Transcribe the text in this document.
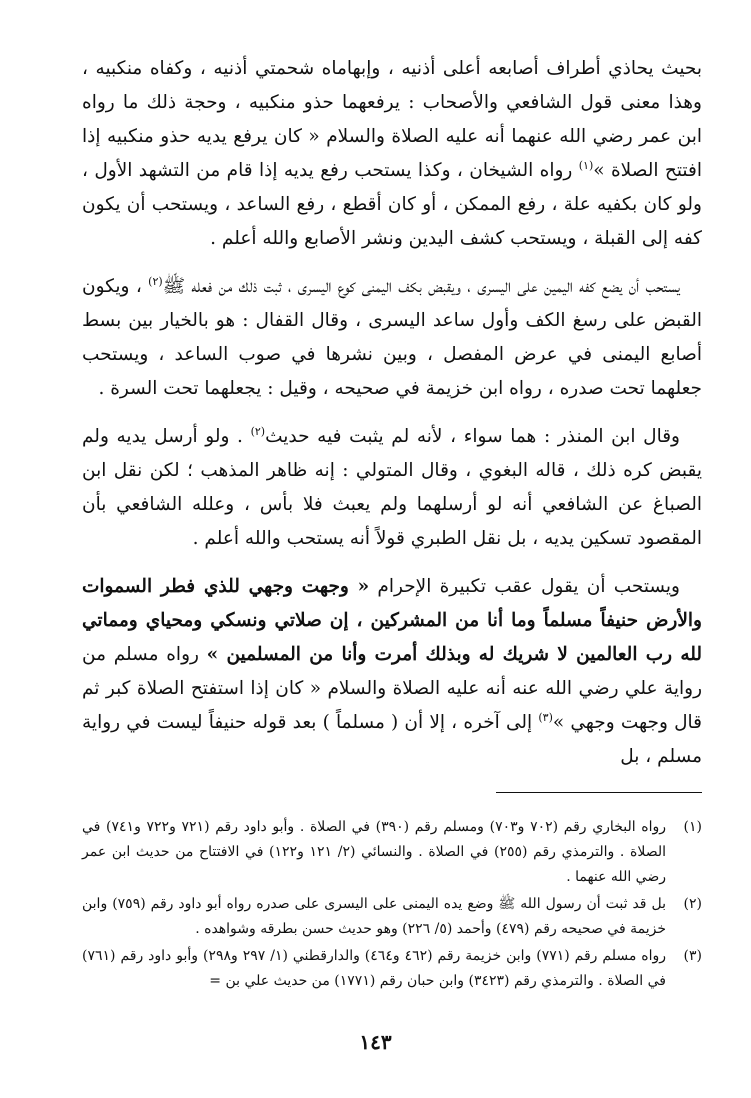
بحيث يحاذي أطراف أصابعه أعلى أذنيه ، وإبهاماه شحمتي أذنيه ، وكفاه منكبيه ، وهذا معنى قول الشافعي والأصحاب : يرفعهما حذو منكبيه ، وحجة ذلك ما رواه ابن عمر رضي الله عنهما أنه عليه الصلاة والسلام « كان يرفع يديه حذو منكبيه إذا افتتح الصلاة »$^{(١)}$ رواه الشيخان ، وكذا يستحب رفع يديه إذا قام من التشهد الأول ، ولو كان بكفيه علة ، رفع الممكن ، أو كان أقطع ، رفع الساعد ، ويستحب أن يكون كفه إلى القبلة ، ويستحب كشف اليدين ونشر الأصابع والله أعلم .

يستحب أن يضع كفه اليمين على اليسرى ، ويقبض بكف اليمنى كوع اليسرى ، ثبت ذلك من فعله ﷺ$^{(٢)}$ ، ويكون القبض على رسغ الكف وأول ساعد اليسرى ، وقال القفال : هو بالخيار بين بسط أصابع اليمنى في عرض المفصل ، وبين نشرها في صوب الساعد ، ويستحب جعلهما تحت صدره ، رواه ابن خزيمة في صحيحه ، وقيل : يجعلهما تحت السرة .

وقال ابن المنذر : هما سواء ، لأنه لم يثبت فيه حديث$^{(٢)}$ . ولو أرسل يديه ولم يقبض كره ذلك ، قاله البغوي ، وقال المتولي : إنه ظاهر المذهب ؛ لكن نقل ابن الصباغ عن الشافعي أنه لو أرسلهما ولم يعبث فلا بأس ، وعلله الشافعي بأن المقصود تسكين يديه ، بل نقل الطبري قولاً أنه يستحب والله أعلم .

ويستحب أن يقول عقب تكبيرة الإحرام « وجهت وجهي للذي فطر السموات والأرض حنيفاً مسلماً وما أنا من المشركين ، إن صلاتي ونسكي ومحياي ومماتي لله رب العالمين لا شريك له وبذلك أمرت وأنا من المسلمين » رواه مسلم من رواية علي رضي الله عنه أنه عليه الصلاة والسلام « كان إذا استفتح الصلاة كبر ثم قال وجهت وجهي »$^{(٣)}$ إلى آخره ، إلا أن ( مسلماً ) بعد قوله حنيفاً ليست في رواية مسلم ، بل

(١)
رواه البخاري رقم (٧٠٢ و٧٠٣) ومسلم رقم (٣٩٠) في الصلاة . وأبو داود رقم (٧٢١ و٧٢٢ و٧٤١) في الصلاة . والترمذي رقم (٢٥٥) في الصلاة . والنسائي (٢/ ١٢١ و١٢٢) في الافتتاح من حديث ابن عمر رضي الله عنهما .
(٢)
بل قد ثبت أن رسول الله ﷺ وضع يده اليمنى على اليسرى على صدره رواه أبو داود رقم (٧٥٩) وابن خزيمة في صحيحه رقم (٤٧٩) وأحمد (٥/ ٢٢٦) وهو حديث حسن بطرقه وشواهده .
(٣)
رواه مسلم رقم (٧٧١) وابن خزيمة رقم (٤٦٢ و٤٦٤) والدارقطني (١/ ٢٩٧ و٢٩٨) وأبو داود رقم (٧٦١) في الصلاة . والترمذي رقم (٣٤٢٣) وابن حبان رقم (١٧٧١) من حديث علي بن =
١٤٣
